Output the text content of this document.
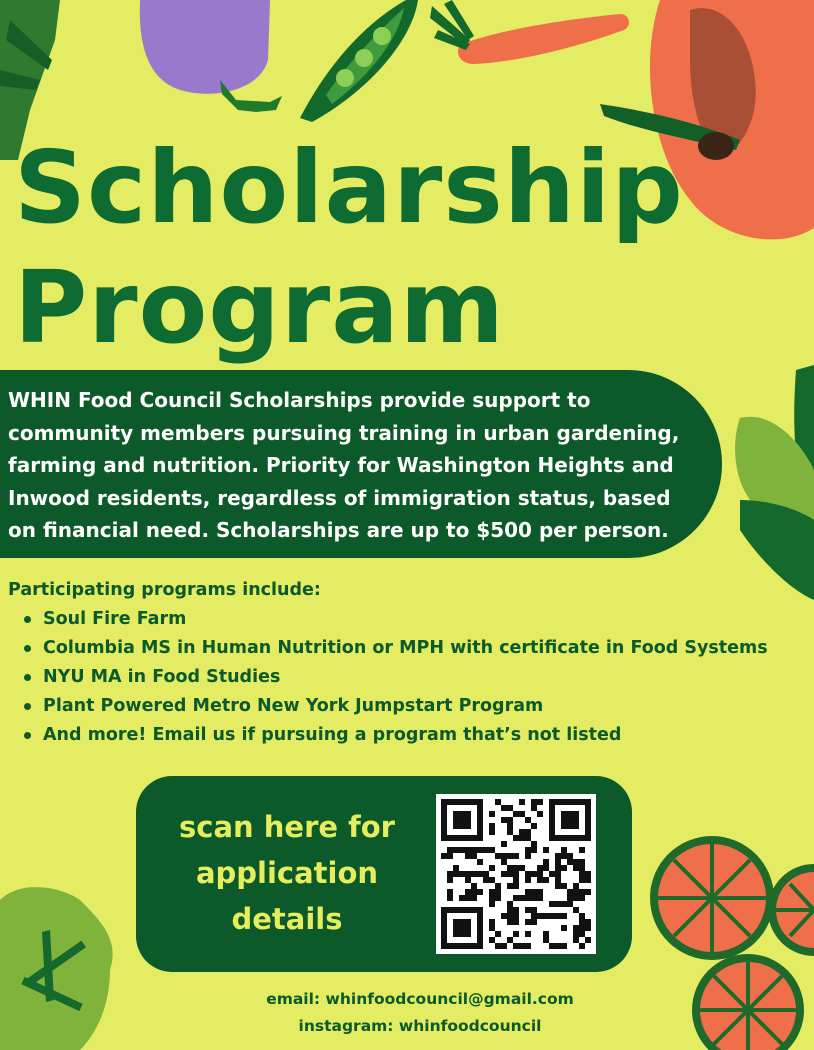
Scholarship
Program

WHIN Food Council Scholarships provide support to community members pursuing training in urban gardening, farming and nutrition. Priority for Washington Heights and Inwood residents, regardless of immigration status, based on financial need. Scholarships are up to $500 per person.

Participating programs include:
Soul Fire Farm
Columbia MS in Human Nutrition or MPH with certificate in Food Systems
NYU MA in Food Studies
Plant Powered Metro New York Jumpstart Program
And more! Email us if pursuing a program that’s not listed
scan here for
application
details
email: whinfoodcouncil@gmail.com
instagram: whinfoodcouncil
